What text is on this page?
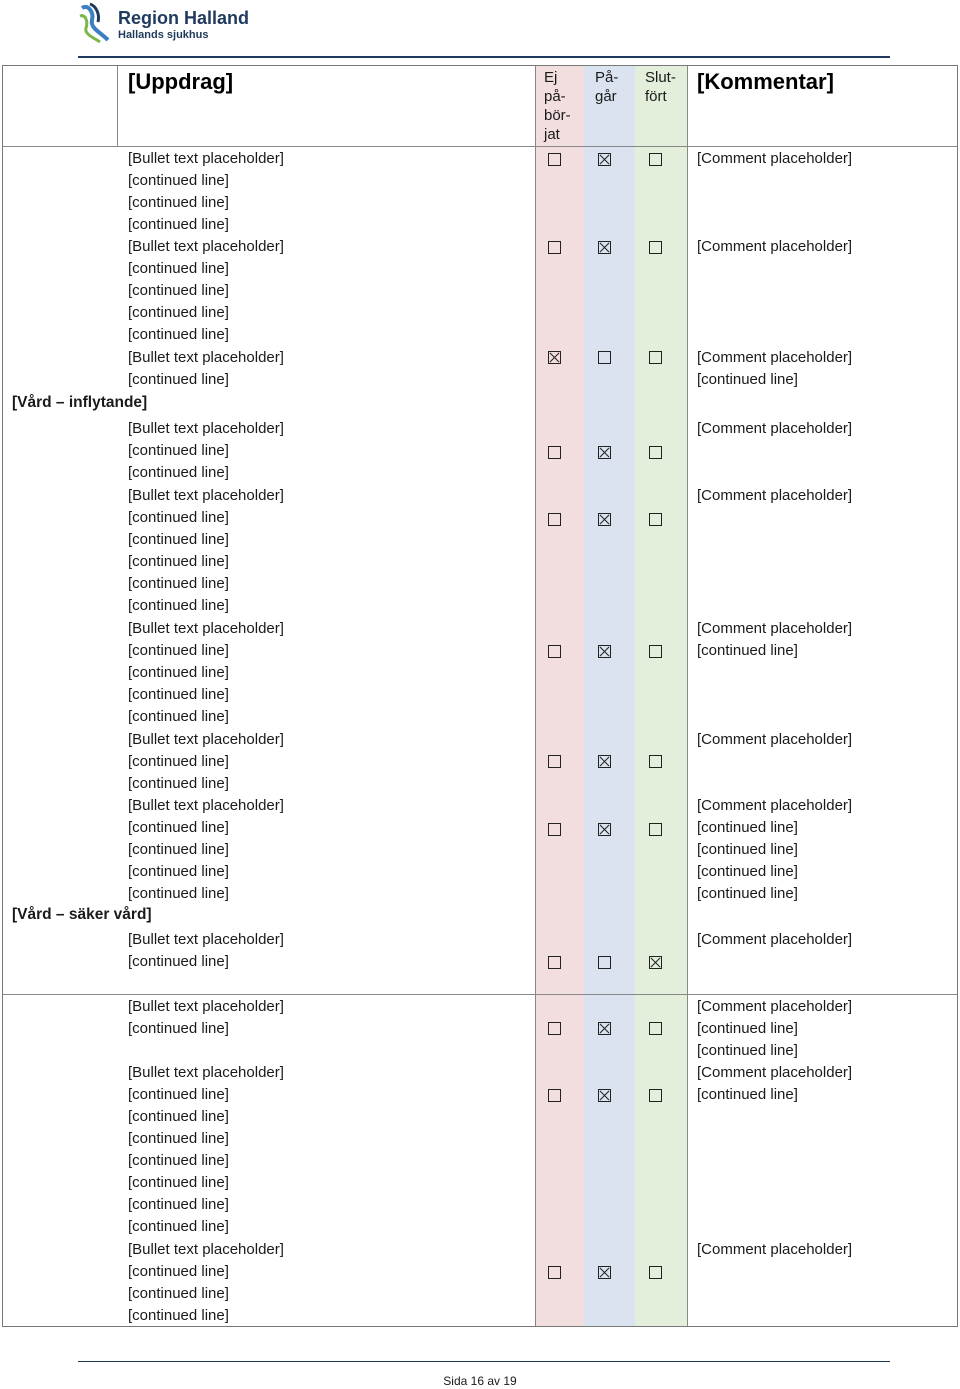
Region Halland
Hallands sjukhus
[Uppdrag]	Ej
på-
bör-
jat
På-
går
Slut-
fört
[Kommentar]
[Vård – inflytande]
[Vård – säker vård]
[Bullet text placeholder]
[continued line]
[continued line]
[continued line]
[Comment placeholder]
[Bullet text placeholder]
[continued line]
[continued line]
[continued line]
[continued line]
[Comment placeholder]
[Bullet text placeholder]
[continued line]
[Comment placeholder]
[continued line]
[Bullet text placeholder]
[continued line]
[continued line]
[Comment placeholder]
[Bullet text placeholder]
[continued line]
[continued line]
[continued line]
[continued line]
[continued line]
[Comment placeholder]
[Bullet text placeholder]
[continued line]
[continued line]
[continued line]
[continued line]
[Comment placeholder]
[continued line]
[Bullet text placeholder]
[continued line]
[continued line]
[Comment placeholder]
[Bullet text placeholder]
[continued line]
[continued line]
[continued line]
[continued line]
[Comment placeholder]
[continued line]
[continued line]
[continued line]
[continued line]
[Bullet text placeholder]
[continued line]
[Comment placeholder]
[Bullet text placeholder]
[continued line]
[Comment placeholder]
[continued line]
[continued line]
[Bullet text placeholder]
[continued line]
[continued line]
[continued line]
[continued line]
[continued line]
[continued line]
[continued line]
[Comment placeholder]
[continued line]
[Bullet text placeholder]
[continued line]
[continued line]
[continued line]
[Comment placeholder]
Sida 16 av 19
